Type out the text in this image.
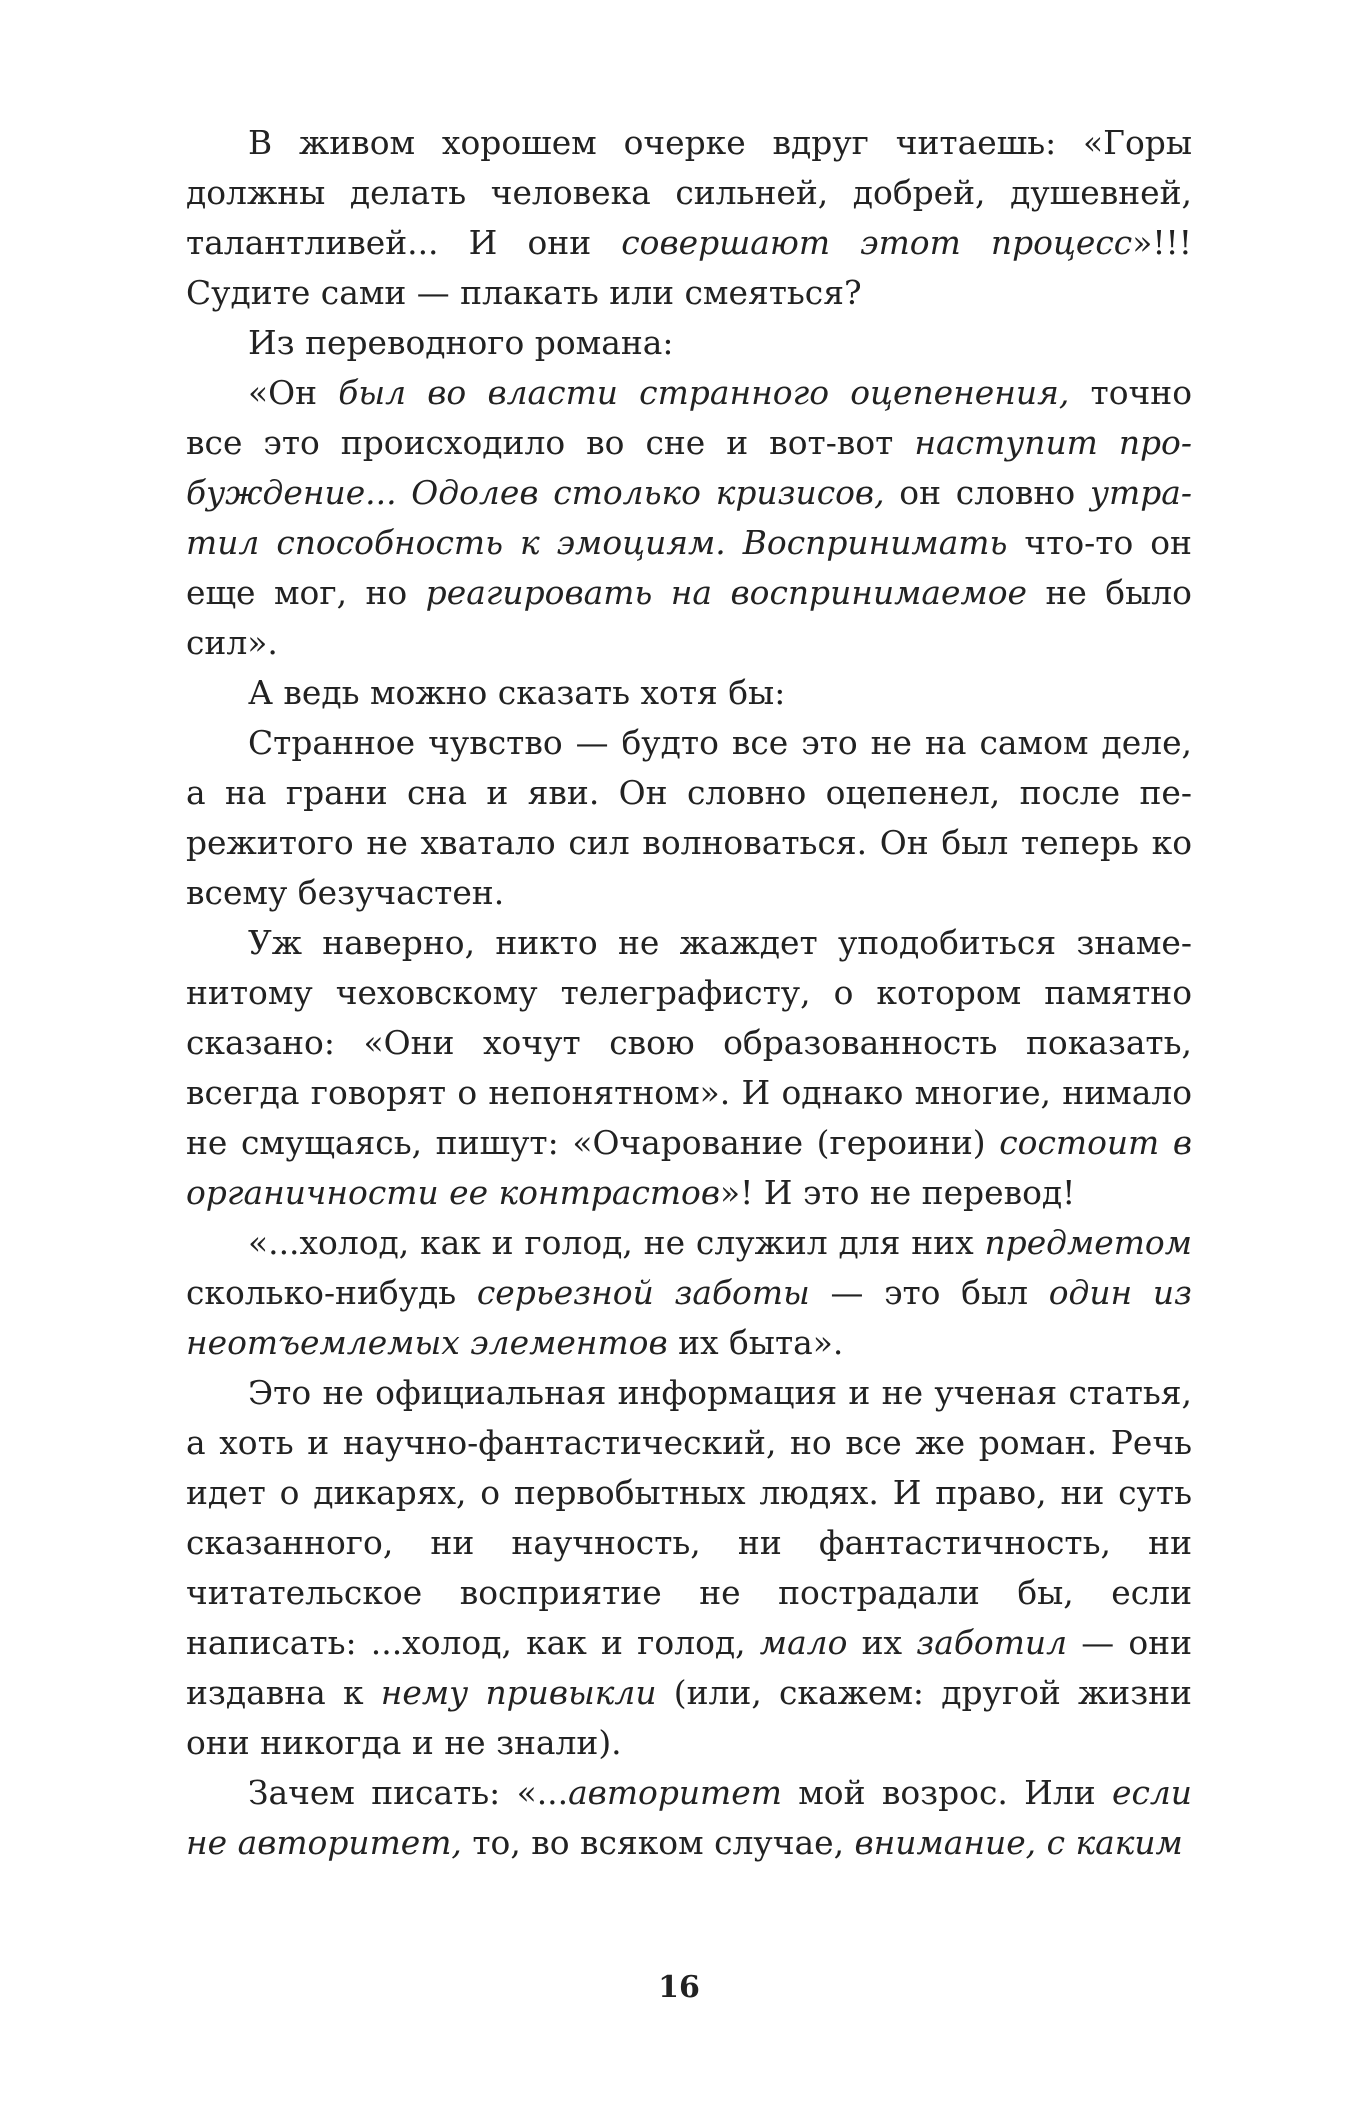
В живом хорошем очерке вдруг читаешь: «Горы должны делать человека сильней, добрей, душевней, талантливей... И они совершают этот процесс»!!! Судите сами — плакать или смеяться?

Из переводного романа:

«Он был во власти странного оцепенения, точно все это происходило во сне и вот-вот наступит пробуждение... Одолев столько кризисов, он словно утратил способность к эмоциям. Воспринимать что-то он еще мог, но реагировать на воспринимаемое не было сил».

А ведь можно сказать хотя бы:

Странное чувство — будто все это не на самом деле, а на грани сна и яви. Он словно оцепенел, после пережитого не хватало сил волноваться. Он был теперь ко всему безучастен.

Уж наверно, никто не жаждет уподобиться знаменитому чеховскому телеграфисту, о котором памятно сказано: «Они хочут свою образованность показать, всегда говорят о непонятном». И однако многие, нимало не смущаясь, пишут: «Очарование (героини) состоит в органичности ее контрастов»! И это не перевод!

«...холод, как и голод, не служил для них предметом сколько-нибудь серьезной заботы — это был один из неотъемлемых элементов их быта».

Это не официальная информация и не ученая статья, а хоть и научно-фантастический, но все же роман. Речь идет о дикарях, о первобытных людях. И право, ни суть сказанного, ни научность, ни фантастичность, ни читательское восприятие не пострадали бы, если написать: ...холод, как и голод, мало их заботил — они издавна к нему привыкли (или, скажем: другой жизни они никогда и не знали).

Зачем писать: «...авторитет мой возрос. Или если не авторитет, то, во всяком случае, внимание, с каким

16
